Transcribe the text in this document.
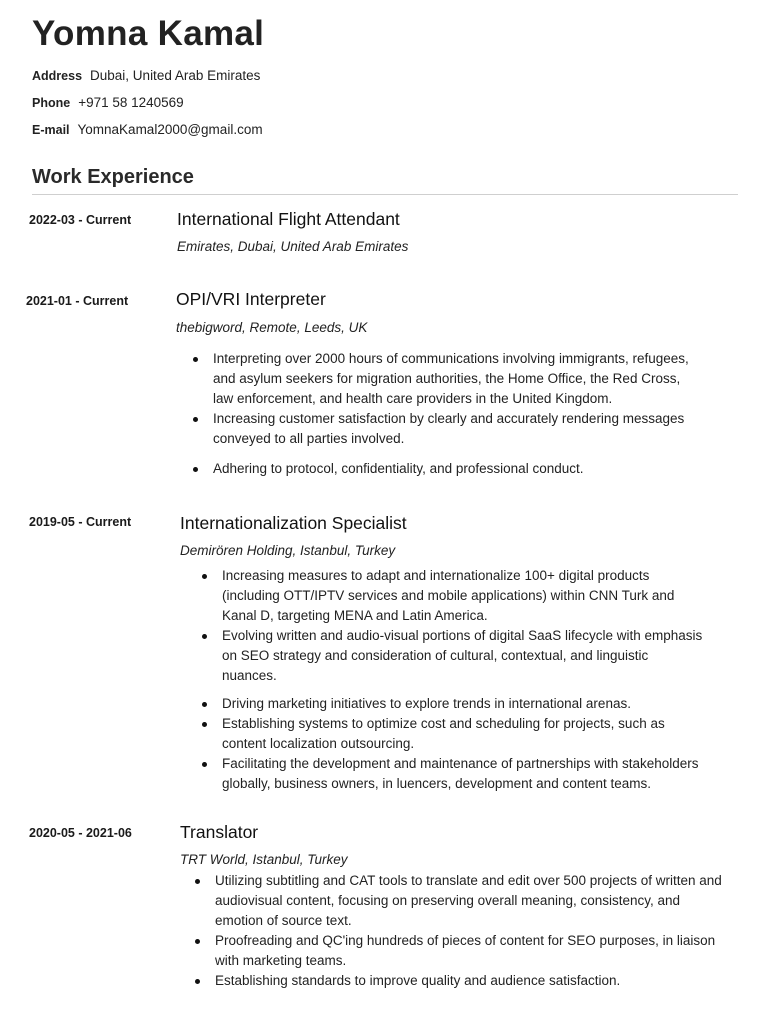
Yomna Kamal
Address Dubai, United Arab Emirates
Phone +971 58 1240569
E-mail YomnaKamal2000@gmail.com
Work Experience
2022-03 - Current	International Flight Attendant
Emirates, Dubai, United Arab Emirates
2021-01 - Current	OPI/VRI Interpreter
thebigword, Remote, Leeds, UK
Interpreting over 2000 hours of communications involving immigrants, refugees, and asylum seekers for migration authorities, the Home Office, the Red Cross, law enforcement, and health care providers in the United Kingdom.
Increasing customer satisfaction by clearly and accurately rendering messages conveyed to all parties involved.
Adhering to protocol, confidentiality, and professional conduct.
2019-05 - Current	Internationalization Specialist
Demirören Holding, Istanbul, Turkey
Increasing measures to adapt and internationalize 100+ digital products (including OTT/IPTV services and mobile applications) within CNN Turk and Kanal D, targeting MENA and Latin America.
Evolving written and audio-visual portions of digital SaaS lifecycle with emphasis on SEO strategy and consideration of cultural, contextual, and linguistic nuances.
Driving marketing initiatives to explore trends in international arenas.
Establishing systems to optimize cost and scheduling for projects, such as content localization outsourcing.
Facilitating the development and maintenance of partnerships with stakeholders globally, business owners, in luencers, development and content teams.
2020-05 - 2021-06	Translator
TRT World, Istanbul, Turkey
Utilizing subtitling and CAT tools to translate and edit over 500 projects of written and audiovisual content, focusing on preserving overall meaning, consistency, and emotion of source text.
Proofreading and QC'ing hundreds of pieces of content for SEO purposes, in liaison with marketing teams.
Establishing standards to improve quality and audience satisfaction.
